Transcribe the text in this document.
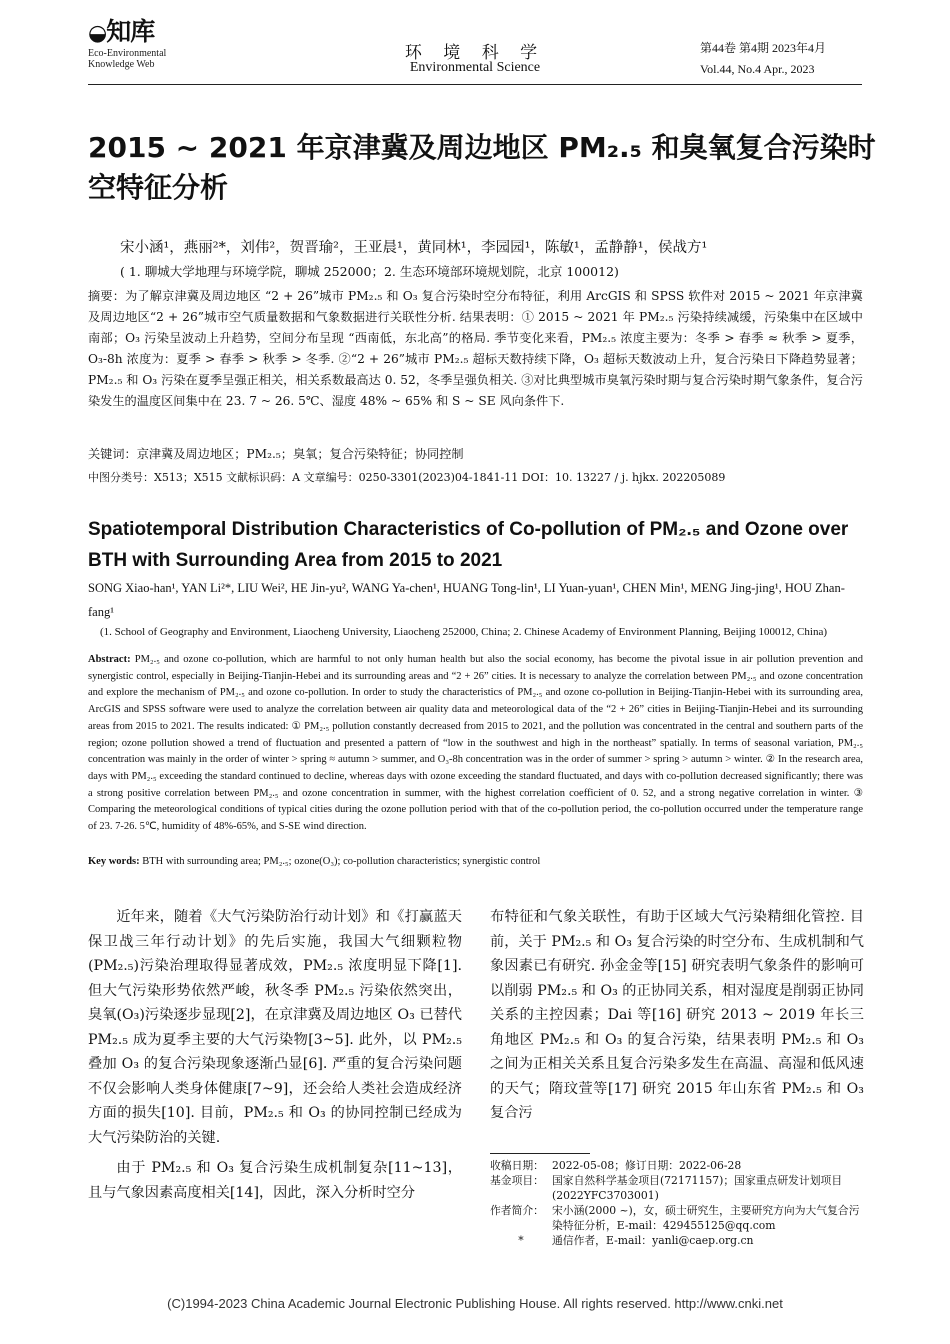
◒知库
Eco-Environmental
Knowledge Web
环 境 科 学
Environmental Science
第44卷 第4期 2023年4月
Vol.44, No.4 Apr., 2023
2015 ~ 2021 年京津冀及周边地区 PM₂.₅ 和臭氧复合污染时空特征分析
宋小涵¹，燕丽²*，刘伟²，贺晋瑜²，王亚晨¹，黄同林¹，李园园¹，陈敏¹，孟静静¹，侯战方¹
( 1. 聊城大学地理与环境学院，聊城 252000；2. 生态环境部环境规划院，北京 100012)
摘要：为了解京津冀及周边地区 “2 + 26”城市 PM₂.₅ 和 O₃ 复合污染时空分布特征，利用 ArcGIS 和 SPSS 软件对 2015 ~ 2021 年京津冀及周边地区“2 + 26”城市空气质量数据和气象数据进行关联性分析. 结果表明：① 2015 ~ 2021 年 PM₂.₅ 污染持续减缓，污染集中在区域中南部；O₃ 污染呈波动上升趋势，空间分布呈现 “西南低，东北高”的格局. 季节变化来看，PM₂.₅ 浓度主要为：冬季 > 春季 ≈ 秋季 > 夏季，O₃-8h 浓度为：夏季 > 春季 > 秋季 > 冬季. ②“2 + 26”城市 PM₂.₅ 超标天数持续下降，O₃ 超标天数波动上升，复合污染日下降趋势显著；PM₂.₅ 和 O₃ 污染在夏季呈强正相关，相关系数最高达 0. 52，冬季呈强负相关. ③对比典型城市臭氧污染时期与复合污染时期气象条件，复合污染发生的温度区间集中在 23. 7 ~ 26. 5℃、湿度 48% ~ 65% 和 S ~ SE 风向条件下.
关键词：京津冀及周边地区；PM₂.₅；臭氧；复合污染特征；协同控制
中图分类号：X513；X515 文献标识码：A 文章编号：0250-3301(2023)04-1841-11 DOI：10. 13227 / j. hjkx. 202205089
Spatiotemporal Distribution Characteristics of Co-pollution of PM₂.₅ and Ozone over BTH with Surrounding Area from 2015 to 2021
SONG Xiao-han¹, YAN Li²*, LIU Wei², HE Jin-yu², WANG Ya-chen¹, HUANG Tong-lin¹, LI Yuan-yuan¹, CHEN Min¹, MENG Jing-jing¹, HOU Zhan-fang¹
(1. School of Geography and Environment, Liaocheng University, Liaocheng 252000, China; 2. Chinese Academy of Environment Planning, Beijing 100012, China)
Abstract: PM₂.₅ and ozone co-pollution, which are harmful to not only human health but also the social economy, has become the pivotal issue in air pollution prevention and synergistic control, especially in Beijing-Tianjin-Hebei and its surrounding areas and “2 + 26” cities. It is necessary to analyze the correlation between PM₂.₅ and ozone concentration and explore the mechanism of PM₂.₅ and ozone co-pollution. In order to study the characteristics of PM₂.₅ and ozone co-pollution in Beijing-Tianjin-Hebei with its surrounding area, ArcGIS and SPSS software were used to analyze the correlation between air quality data and meteorological data of the “2 + 26” cities in Beijing-Tianjin-Hebei and its surrounding areas from 2015 to 2021. The results indicated: ① PM₂.₅ pollution constantly decreased from 2015 to 2021, and the pollution was concentrated in the central and southern parts of the region; ozone pollution showed a trend of fluctuation and presented a pattern of “low in the southwest and high in the northeast” spatially. In terms of seasonal variation, PM₂.₅ concentration was mainly in the order of winter > spring ≈ autumn > summer, and O₃-8h concentration was in the order of summer > spring > autumn > winter. ② In the research area, days with PM₂.₅ exceeding the standard continued to decline, whereas days with ozone exceeding the standard fluctuated, and days with co-pollution decreased significantly; there was a strong positive correlation between PM₂.₅ and ozone concentration in summer, with the highest correlation coefficient of 0. 52, and a strong negative correlation in winter. ③ Comparing the meteorological conditions of typical cities during the ozone pollution period with that of the co-pollution period, the co-pollution occurred under the temperature range of 23. 7-26. 5℃, humidity of 48%-65%, and S-SE wind direction.
Key words: BTH with surrounding area; PM₂.₅; ozone(O₃); co-pollution characteristics; synergistic control

近年来，随着《大气污染防治行动计划》和《打赢蓝天保卫战三年行动计划》的先后实施，我国大气细颗粒物(PM₂.₅)污染治理取得显著成效，PM₂.₅ 浓度明显下降[1]. 但大气污染形势依然严峻，秋冬季 PM₂.₅ 污染依然突出，臭氧(O₃)污染逐步显现[2]，在京津冀及周边地区 O₃ 已替代 PM₂.₅ 成为夏季主要的大气污染物[3~5]. 此外，以 PM₂.₅ 叠加 O₃ 的复合污染现象逐渐凸显[6]. 严重的复合污染问题不仅会影响人类身体健康[7~9]，还会给人类社会造成经济方面的损失[10]. 目前，PM₂.₅ 和 O₃ 的协同控制已经成为大气污染防治的关键.

由于 PM₂.₅ 和 O₃ 复合污染生成机制复杂[11~13]，且与气象因素高度相关[14]，因此，深入分析时空分

布特征和气象关联性，有助于区域大气污染精细化管控. 目前，关于 PM₂.₅ 和 O₃ 复合污染的时空分布、生成机制和气象因素已有研究. 孙金金等[15] 研究表明气象条件的影响可以削弱 PM₂.₅ 和 O₃ 的正协同关系，相对湿度是削弱正协同关系的主控因素；Dai 等[16] 研究 2013 ~ 2019 年长三角地区 PM₂.₅ 和 O₃ 的复合污染，结果表明 PM₂.₅ 和 O₃ 之间为正相关关系且复合污染多发生在高温、高湿和低风速的天气；隋玟萱等[17] 研究 2015 年山东省 PM₂.₅ 和 O₃ 复合污

收稿日期： 2022-05-08；修订日期：2022-06-28
基金项目： 国家自然科学基金项目(72171157)；国家重点研发计划项目(2022YFC3703001)
作者简介： 宋小涵(2000 ~)，女，硕士研究生，主要研究方向为大气复合污染特征分析，E-mail：429455125@qq.com
*	通信作者，E-mail：yanli@caep.org.cn
(C)1994-2023 China Academic Journal Electronic Publishing House. All rights reserved. http://www.cnki.net
